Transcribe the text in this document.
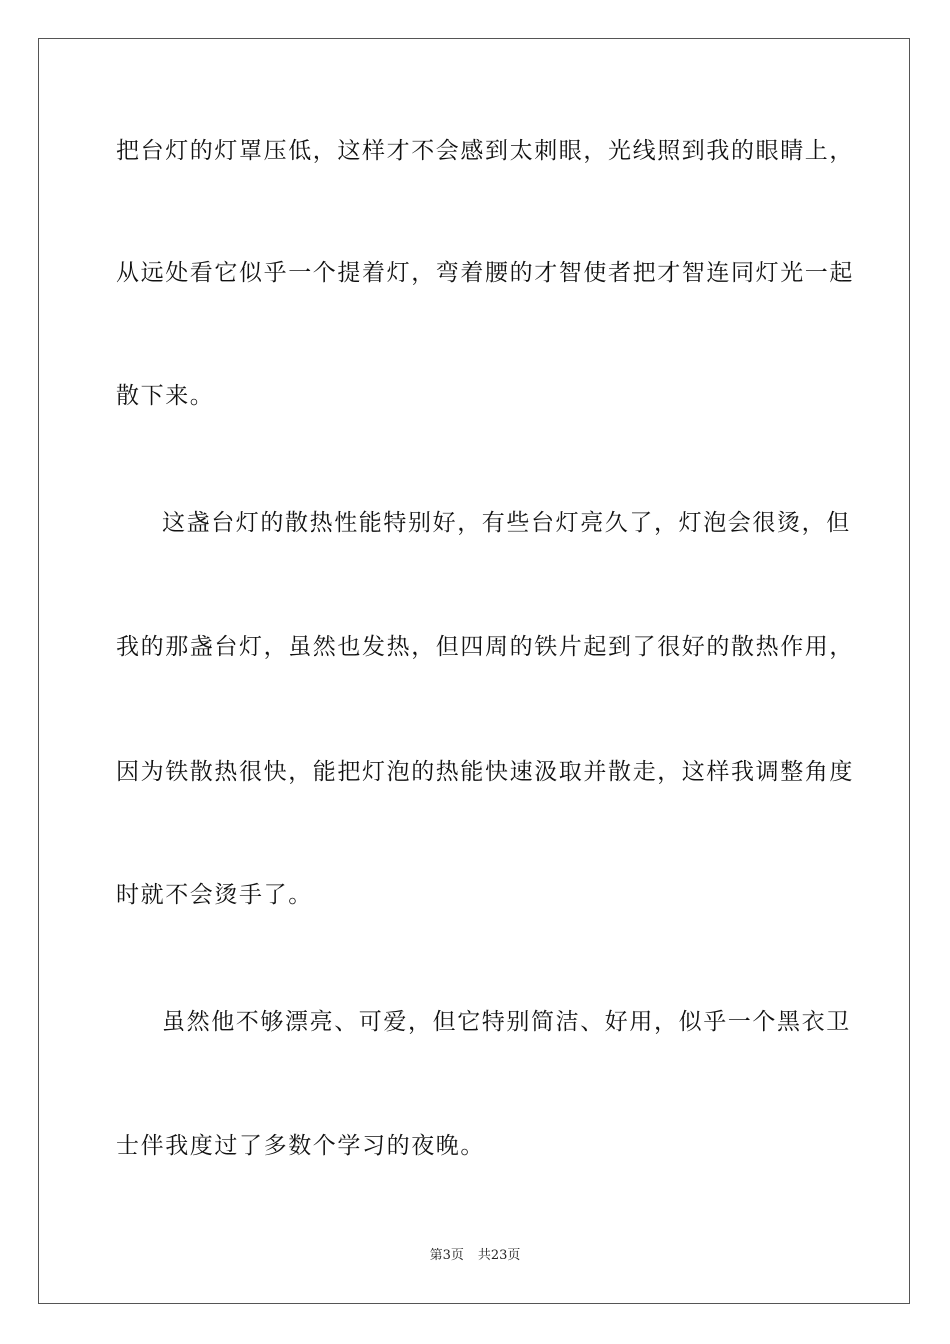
把台灯的灯罩压低，这样才不会感到太刺眼，光线照到我的眼睛上，
从远处看它似乎一个提着灯，弯着腰的才智使者把才智连同灯光一起
散下来。
这盏台灯的散热性能特别好，有些台灯亮久了，灯泡会很烫，但
我的那盏台灯，虽然也发热，但四周的铁片起到了很好的散热作用，
因为铁散热很快，能把灯泡的热能快速汲取并散走，这样我调整角度
时就不会烫手了。
虽然他不够漂亮、可爱，但它特别简洁、好用，似乎一个黑衣卫
士伴我度过了多数个学习的夜晚。
第3页 共23页
